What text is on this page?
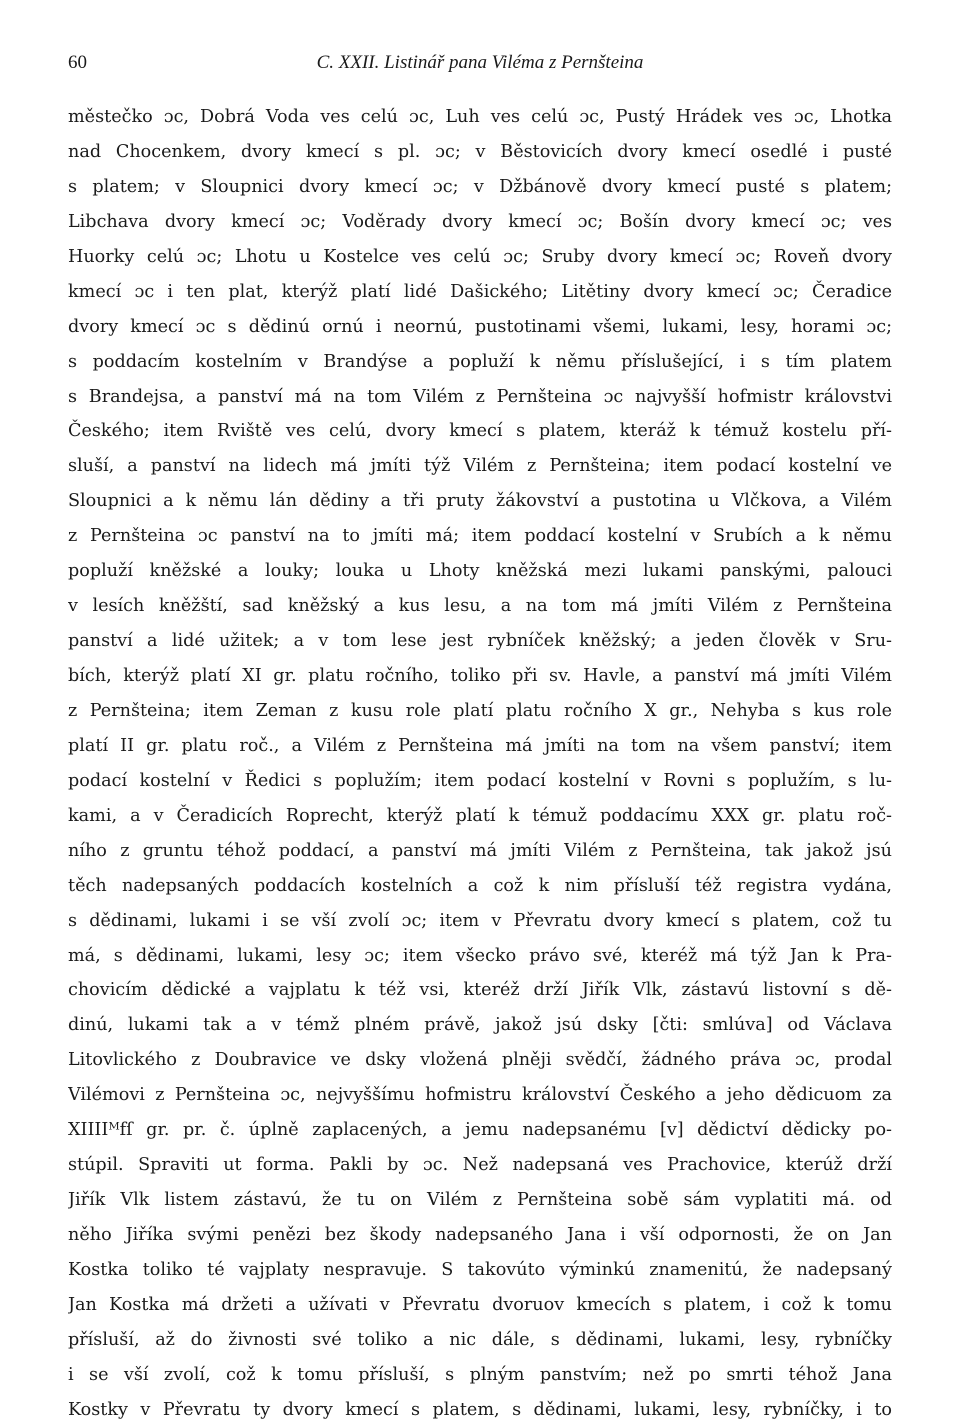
60	C. XXII. Listinář pana Viléma z Pernšteina
městečko ɔc, Dobrá Voda ves celú ɔc, Luh ves celú ɔc, Pustý Hrádek ves ɔc, Lhotka
nad Chocenkem, dvory kmecí s pl. ɔc; v Běstovicích dvory kmecí osedlé i pusté
s platem; v Sloupnici dvory kmecí ɔc; v Džbánově dvory kmecí pusté s platem;
Libchava dvory kmecí ɔc; Voděrady dvory kmecí ɔc; Bošín dvory kmecí ɔc; ves
Huorky celú ɔc; Lhotu u Kostelce ves celú ɔc; Sruby dvory kmecí ɔc; Roveň dvory
kmecí ɔc i ten plat, kterýž platí lidé Dašického; Litětiny dvory kmecí ɔc; Čeradice
dvory kmecí ɔc s dědinú ornú i neornú, pustotinami všemi, lukami, lesy, horami ɔc;
s poddacím kostelním v Brandýse a popluží k němu příslušející, i s tím platem
s Brandejsa, a panství má na tom Vilém z Pernšteina ɔc najvyšší hofmistr královstvi
Českého; item Rviště ves celú, dvory kmecí s platem, kteráž k témuž kostelu pří-
sluší, a panství na lidech má jmíti týž Vilém z Pernšteina; item podací kostelní ve
Sloupnici a k němu lán dědiny a tři pruty žákovství a pustotina u Vlčkova, a Vilém
z Pernšteina ɔc panství na to jmíti má; item poddací kostelní v Srubích a k němu
popluží kněžské a louky; louka u Lhoty kněžská mezi lukami panskými, palouci
v lesích kněžští, sad kněžský a kus lesu, a na tom má jmíti Vilém z Pernšteina
panství a lidé užitek; a v tom lese jest rybníček kněžský; a jeden člověk v Sru-
bích, kterýž platí XI gr. platu ročního, toliko při sv. Havle, a panství má jmíti Vilém
z Pernšteina; item Zeman z kusu role platí platu ročního X gr., Nehyba s kus role
platí II gr. platu roč., a Vilém z Pernšteina má jmíti na tom na všem panství; item
podací kostelní v Ředici s poplužím; item podací kostelní v Rovni s poplužím, s lu-
kami, a v Čeradicích Roprecht, kterýž platí k témuž poddacímu XXX gr. platu roč-
ního z gruntu téhož poddací, a panství má jmíti Vilém z Pernšteina, tak jakož jsú
těch nadepsaných poddacích kostelních a což k nim přísluší též registra vydána,
s dědinami, lukami i se vší zvolí ɔc; item v Převratu dvory kmecí s platem, což tu
má, s dědinami, lukami, lesy ɔc; item všecko právo své, kteréž má týž Jan k Pra-
chovicím dědické a vajplatu k též vsi, kteréž drží Jiřík Vlk, zástavú listovní s dě-
dinú, lukami tak a v témž plném právě, jakož jsú dsky [čti: smlúva] od Václava
Litovlického z Doubravice ve dsky vložená plněji svědčí, žádného práva ɔc, prodal
Vilémovi z Pernšteina ɔc, nejvyššímu hofmistru království Českého a jeho dědicuom za
XIIIIᴹfſ gr. pr. č. úplně zaplacených, a jemu nadepsanému [v] dědictví dědicky po-
stúpil. Spraviti ut forma. Pakli by ɔc. Než nadepsaná ves Prachovice, kterúž drží
Jiřík Vlk listem zástavú, že tu on Vilém z Pernšteina sobě sám vyplatiti má. od
něho Jiříka svými penězi bez škody nadepsaného Jana i vší odpornosti, že on Jan
Kostka toliko té vajplaty nespravuje. S takovúto výminkú znamenitú, že nadepsaný
Jan Kostka má držeti a užívati v Převratu dvoruov kmecích s platem, i což k tomu
přísluší, až do živnosti své toliko a nic dále, s dědinami, lukami, lesy, rybníčky
i se vší zvolí, což k tomu přísluší, s plným panstvím; než po smrti téhož Jana
Kostky v Převratu ty dvory kmecí s platem, s dědinami, lukami, lesy, rybníčky, i to
